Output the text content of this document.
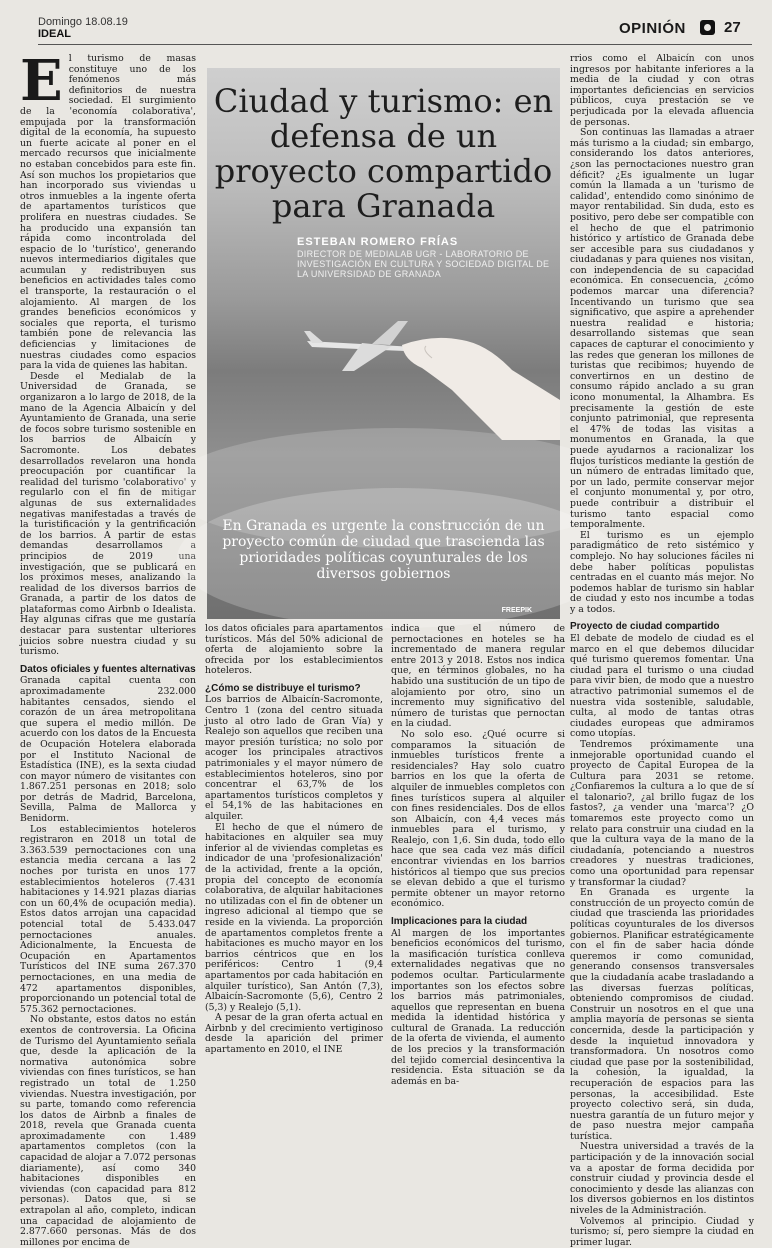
Domingo 18.08.19
IDEAL	OPINIÓN	27

El turismo de masas constituye uno de los fenómenos más definitorios de nuestra sociedad. El surgimiento de la 'economía colaborativa', empujada por la transformación digital de la economía, ha supuesto un fuerte acicate al poner en el mercado recursos que inicialmente no estaban concebidos para este fin. Así son muchos los propietarios que han incorporado sus viviendas u otros inmuebles a la ingente oferta de apartamentos turísticos que prolifera en nuestras ciudades. Se ha producido una expansión tan rápida como incontrolada del espacio de lo 'turístico', generando nuevos intermediarios digitales que acumulan y redistribuyen sus beneficios en actividades tales como el transporte, la restauración o el alojamiento. Al margen de los grandes beneficios económicos y sociales que reporta, el turismo también pone de relevancia las deficiencias y limitaciones de nuestras ciudades como espacios para la vida de quienes las habitan.

Desde el Medialab de la Universidad de Granada, se organizaron a lo largo de 2018, de la mano de la Agencia Albaicín y del Ayuntamiento de Granada, una serie de focos sobre turismo sostenible en los barrios de Albaicín y Sacromonte. Los debates desarrollados revelaron una honda preocupación por cuantificar la realidad del turismo 'colaborativo' y regularlo con el fin de mitigar algunas de sus externalidades negativas manifestadas a través de la turistificación y la gentrificación de los barrios. A partir de estas demandas desarrollamos a principios de 2019 una investigación, que se publicará en los próximos meses, analizando la realidad de los diversos barrios de Granada, a partir de los datos de plataformas como Airbnb o Idealista. Hay algunas cifras que me gustaría destacar para sustentar ulteriores juicios sobre nuestra ciudad y su turismo.

Datos oficiales y fuentes alternativas

Granada capital cuenta con aproximadamente 232.000 habitantes censados, siendo el corazón de un área metropolitana que supera el medio millón. De acuerdo con los datos de la Encuesta de Ocupación Hotelera elaborada por el Instituto Nacional de Estadística (INE), es la sexta ciudad con mayor número de visitantes con 1.867.251 personas en 2018; solo por detrás de Madrid, Barcelona, Sevilla, Palma de Mallorca y Benidorm.

Los establecimientos hoteleros registraron en 2018 un total de 3.363.539 pernoctaciones con una estancia media cercana a las 2 noches por turista en unos 177 establecimientos hoteleros (7.431 habitaciones y 14.921 plazas diarias con un 60,4% de ocupación media). Estos datos arrojan una capacidad potencial total de 5.433.047 pernoctaciones anuales. Adicionalmente, la Encuesta de Ocupación en Apartamentos Turísticos del INE suma 267.370 pernoctaciones, en una media de 472 apartamentos disponibles, proporcionando un potencial total de 575.362 pernoctaciones.

No obstante, estos datos no están exentos de controversia. La Oficina de Turismo del Ayuntamiento señala que, desde la aplicación de la normativa autonómica sobre viviendas con fines turísticos, se han registrado un total de 1.250 viviendas. Nuestra investigación, por su parte, tomando como referencia los datos de Airbnb a finales de 2018, revela que Granada cuenta aproximadamente con 1.489 apartamentos completos (con la capacidad de alojar a 7.072 personas diariamente), así como 340 habitaciones disponibles en viviendas (con capacidad para 812 personas). Datos que, si se extrapolan al año, completo, indican una capacidad de alojamiento de 2.877.660 personas. Más de dos millones por encima de

Ciudad y turismo: en defensa de un proyecto compartido para Granada
ESTEBAN ROMERO FRÍAS
DIRECTOR DE MEDIALAB UGR - LABORATORIO DE INVESTIGACIÓN EN CULTURA Y SOCIEDAD DIGITAL DE LA UNIVERSIDAD DE GRANADA
En Granada es urgente la construcción de un proyecto común de ciudad que trascienda las prioridades políticas coyunturales de los diversos gobiernos
FREEPIK

los datos oficiales para apartamentos turísticos. Más del 50% adicional de oferta de alojamiento sobre la ofrecida por los establecimientos hoteleros.

¿Cómo se distribuye el turismo?

Los barrios de Albaicín-Sacromonte, Centro 1 (zona del centro situada justo al otro lado de Gran Vía) y Realejo son aquellos que reciben una mayor presión turística; no solo por acoger los principales atractivos patrimoniales y el mayor número de establecimientos hoteleros, sino por concentrar el 63,7% de los apartamentos turísticos completos y el 54,1% de las habitaciones en alquiler.

El hecho de que el número de habitaciones en alquiler sea muy inferior al de viviendas completas es indicador de una 'profesionalización' de la actividad, frente a la opción, propia del concepto de economía colaborativa, de alquilar habitaciones no utilizadas con el fin de obtener un ingreso adicional al tiempo que se reside en la vivienda. La proporción de apartamentos completos frente a habitaciones es mucho mayor en los barrios céntricos que en los periféricos: Centro 1 (9,4 apartamentos por cada habitación en alquiler turístico), San Antón (7,3), Albaicín-Sacromonte (5,6), Centro 2 (5,3) y Realejo (5,1).

A pesar de la gran oferta actual en Airbnb y del crecimiento vertiginoso desde la aparición del primer apartamento en 2010, el INE

indica que el número de pernoctaciones en hoteles se ha incrementado de manera regular entre 2013 y 2018. Estos nos indica que, en términos globales, no ha habido una sustitución de un tipo de alojamiento por otro, sino un incremento muy significativo del número de turistas que pernoctan en la ciudad.

No solo eso. ¿Qué ocurre si comparamos la situación de inmuebles turísticos frente a residenciales? Hay solo cuatro barrios en los que la oferta de alquiler de inmuebles completos con fines turísticos supera al alquiler con fines residenciales. Dos de ellos son Albaicín, con 4,4 veces más inmuebles para el turismo, y Realejo, con 1,6. Sin duda, todo ello hace que sea cada vez más difícil encontrar viviendas en los barrios históricos al tiempo que sus precios se elevan debido a que el turismo permite obtener un mayor retorno económico.

Implicaciones para la ciudad

Al margen de los importantes beneficios económicos del turismo, la masificación turística conlleva externalidades negativas que no podemos ocultar. Particularmente importantes son los efectos sobre los barrios más patrimoniales, aquellos que representan en buena medida la identidad histórica y cultural de Granada. La reducción de la oferta de vivienda, el aumento de los precios y la transformación del tejido comercial desincentiva la residencia. Esta situación se da además en ba-

rrios como el Albaicín con unos ingresos por habitante inferiores a la media de la ciudad y con otras importantes deficiencias en servicios públicos, cuya prestación se ve perjudicada por la elevada afluencia de personas.

Son continuas las llamadas a atraer más turismo a la ciudad; sin embargo, considerando los datos anteriores, ¿son las pernoctaciones nuestro gran déficit? ¿Es igualmente un lugar común la llamada a un 'turismo de calidad', entendido como sinónimo de mayor rentabilidad. Sin duda, esto es positivo, pero debe ser compatible con el hecho de que el patrimonio histórico y artístico de Granada debe ser accesible para sus ciudadanos y ciudadanas y para quienes nos visitan, con independencia de su capacidad económica. En consecuencia, ¿cómo podemos marcar una diferencia? Incentivando un turismo que sea significativo, que aspire a aprehender nuestra realidad e historia; desarrollando sistemas que sean capaces de capturar el conocimiento y las redes que generan los millones de turistas que recibimos; huyendo de convertirnos en un destino de consumo rápido anclado a su gran icono monumental, la Alhambra. Es precisamente la gestión de este conjunto patrimonial, que representa el 47% de todas las visitas a monumentos en Granada, la que puede ayudarnos a racionalizar los flujos turísticos mediante la gestión de un número de entradas limitado que, por un lado, permite conservar mejor el conjunto monumental y, por otro, puede contribuir a distribuir el turismo tanto espacial como temporalmente.

El turismo es un ejemplo paradigmático de reto sistémico y complejo. No hay soluciones fáciles ni debe haber políticas populistas centradas en el cuanto más mejor. No podemos hablar de turismo sin hablar de ciudad y esto nos incumbe a todas y a todos.

Proyecto de ciudad compartido

El debate de modelo de ciudad es el marco en el que debemos dilucidar qué turismo queremos fomentar. Una ciudad para el turismo o una ciudad para vivir bien, de modo que a nuestro atractivo patrimonial sumemos el de nuestra vida sostenible, saludable, culta, al modo de tantas otras ciudades europeas que admiramos como utopías.

Tendremos próximamente una inmejorable oportunidad cuando el proyecto de Capital Europea de la Cultura para 2031 se retome. ¿Confiaremos la cultura a lo que de sí el talonario?, ¿al brillo fugaz de los fastos?, ¿a vender una 'marca'? ¿O tomaremos este proyecto como un relato para construir una ciudad en la que la cultura vaya de la mano de la ciudadanía, potenciando a nuestros creadores y nuestras tradiciones, como una oportunidad para repensar y transformar la ciudad?

En Granada es urgente la construcción de un proyecto común de ciudad que trascienda las prioridades políticas coyunturales de los diversos gobiernos. Planificar estratégicamente con el fin de saber hacia dónde queremos ir como comunidad, generando consensos transversales que la ciudadanía acabe trasladando a las diversas fuerzas políticas, obteniendo compromisos de ciudad. Construir un nosotros en el que una amplia mayoría de personas se sienta concernida, desde la participación y desde la inquietud innovadora y transformadora. Un nosotros como ciudad que pase por la sostenibilidad, la cohesión, la igualdad, la recuperación de espacios para las personas, la accesibilidad. Este proyecto colectivo será, sin duda, nuestra garantía de un futuro mejor y de paso nuestra mejor campaña turística.

Nuestra universidad a través de la participación y de la innovación social va a apostar de forma decidida por construir ciudad y provincia desde el conocimiento y desde las alianzas con los diversos gobiernos en los distintos niveles de la Administración.

Volvemos al principio. Ciudad y turismo; sí, pero siempre la ciudad en primer lugar.
